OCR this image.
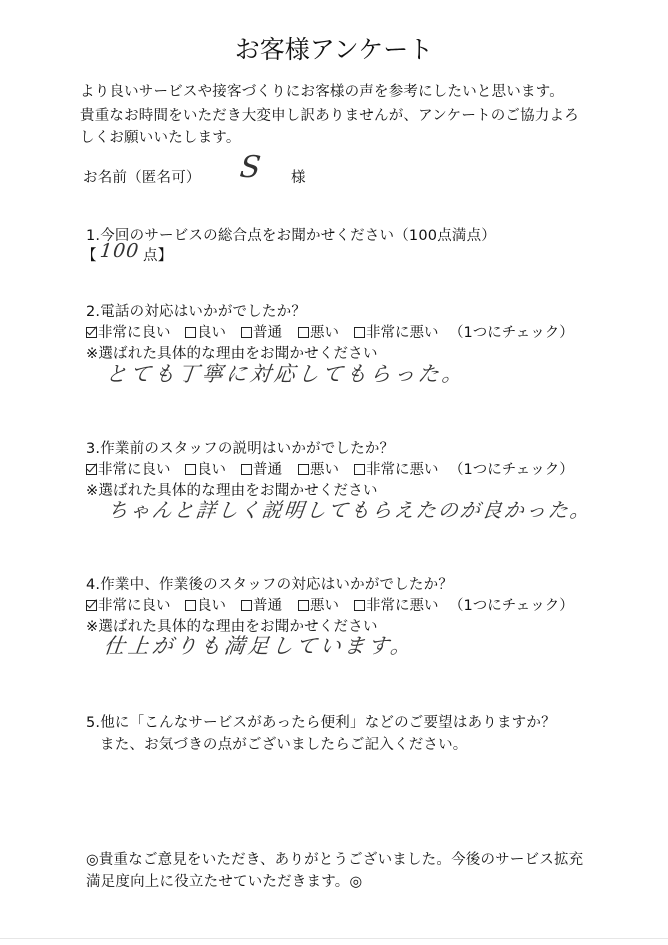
お客様アンケート
より良いサービスや接客づくりにお客様の声を参考にしたいと思います。
貴重なお時間をいただき大変申し訳ありませんが、アンケートのご協力よろ
しくお願いいたします。
お名前（匿名可） S 様
1.今回のサービスの総合点をお聞かせください（100点満点）
【 100 点】
2.電話の対応はいかがでしたか？
非常に良い	良い	普通	悪い	非常に悪い （1つにチェック）
※選ばれた具体的な理由をお聞かせください
とても丁寧に対応してもらった。
3.作業前のスタッフの説明はいかがでしたか？
非常に良い	良い	普通	悪い	非常に悪い （1つにチェック）
※選ばれた具体的な理由をお聞かせください
ちゃんと詳しく説明してもらえたのが良かった。
4.作業中、作業後のスタッフの対応はいかがでしたか？
非常に良い	良い	普通	悪い	非常に悪い （1つにチェック）
※選ばれた具体的な理由をお聞かせください
仕上がりも満足しています。
5.他に「こんなサービスがあったら便利」などのご要望はありますか？
また、お気づきの点がございましたらご記入ください。
◎貴重なご意見をいただき、ありがとうございました。今後のサービス拡充
満足度向上に役立たせていただきます。◎
